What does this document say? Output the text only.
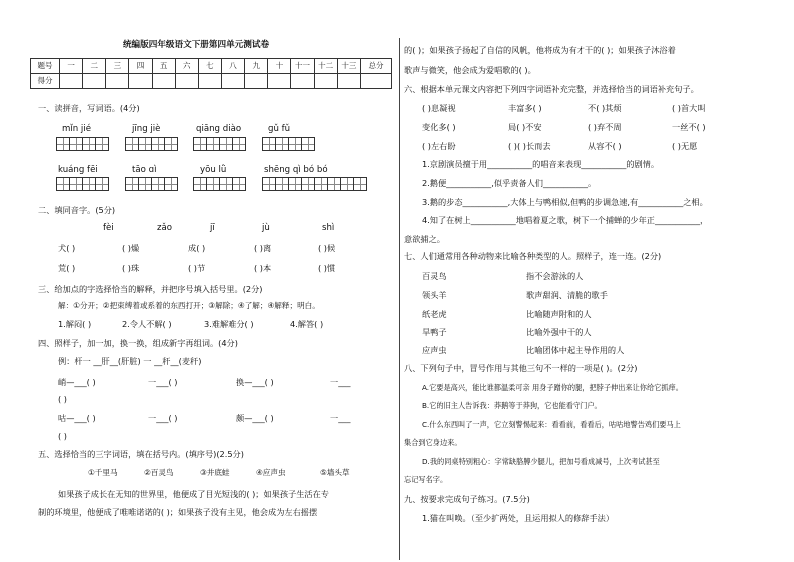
统编版四年级语文下册第四单元测试卷
题号	一	二	三	四	五	六	七	八	九	十	十一	十二	十三	总分
得分														
一、读拼音，写词语。(4分)
mǐn jié	jīng jiè	qiāng diào	ɡǔ fǔ
kuáng fēi	tāo ɑì	yōu lǜ	shēng qì bó bó
二、填同音字。(5分)
fèi	zǎo	jī	jù	shì
犬( )	( )燥	成( )	( )离	( )候
荒( )	( )珠	( )节	( )本	( )惯
三、给加点的字选择恰当的解释，并把序号填入括号里。(2分)
解：①分开；②把束缚着或系着的东西打开；③解除；④了解；④解释；明白。
1.解闷( )	2.令人不解( )	3.难解难分( )	4.解答( )
四、照样子，加一加，换一换，组成新字再组词。(4分)
例：杆一 __肝__(肝脏) 一 __秆__(麦秆)
峭—___( )	一___( )	换—___( )	一___
( )
咕—___( )	一___( )	颇—___( )	一___
( )
五、选择恰当的三字词语，填在括号内。(填序号)(2.5分)
①千里马	②百灵鸟	③井底蛙	④应声虫	⑤墙头草
如果孩子成长在无知的世界里，他便成了目光短浅的( )；如果孩子生活在专
制的环境里，他便成了唯唯诺诺的( )；如果孩子没有主见，他会成为左右摇摆
的( )；如果孩子扬起了自信的风帆，他将成为有才干的( )；如果孩子沐浴着
歌声与微笑，他会成为爱唱歌的( )。
六、根据本单元课文内容把下列四字词语补充完整，并选择恰当的词语补充句子。
( )息凝视	丰富多( )	不( )其烦	( )首大叫
变化多( )	局( )不安	( )弃不周	一丝不( )
( )左右盼	( )( )长而去	从容不( )	( )无愿
1.京剧演员擅于用___________的唱音来表现___________的剧情。
2.鹅便___________,似乎责备人们___________。
3.鹅的步态___________,大体上与鸭相似,但鸭的步调急速,有___________之相。
4.知了在树上___________地唱着夏之歌，树下一个捕蝉的少年正___________，
意欲捕之。
七、人们通常用各种动物来比喻各种类型的人。照样子，连一连。(2分)
百灵鸟
领头羊
纸老虎
旱鸭子
应声虫
指不会游泳的人
歌声甜润、清脆的歌手
比喻随声附和的人
比喻外强中干的人
比喻团体中起主导作用的人
八、下列句子中，冒号作用与其他三句不一样的一项是( )。(2分)
A.它要是高兴，能比谁都温柔可亲 用身子蹭你的腿，把脖子伸出来让你给它抓痒。
B.它的旧主人告诉我：莽鹅等于莽狗，它也能看守门户。
C.什么东西叫了一声，它立刻警惕起来：看看前，看看后，咕咕地警告鸡们要马上
集合到它身边来。
D.我的同桌特别粗心：字常缺胳膊少腿儿，把加号看成减号，上次考试甚至
忘记写名字。
九、按要求完成句子练习。(7.5分)
1.猫在叫唤。（至少扩两处，且运用拟人的修辞手法）
